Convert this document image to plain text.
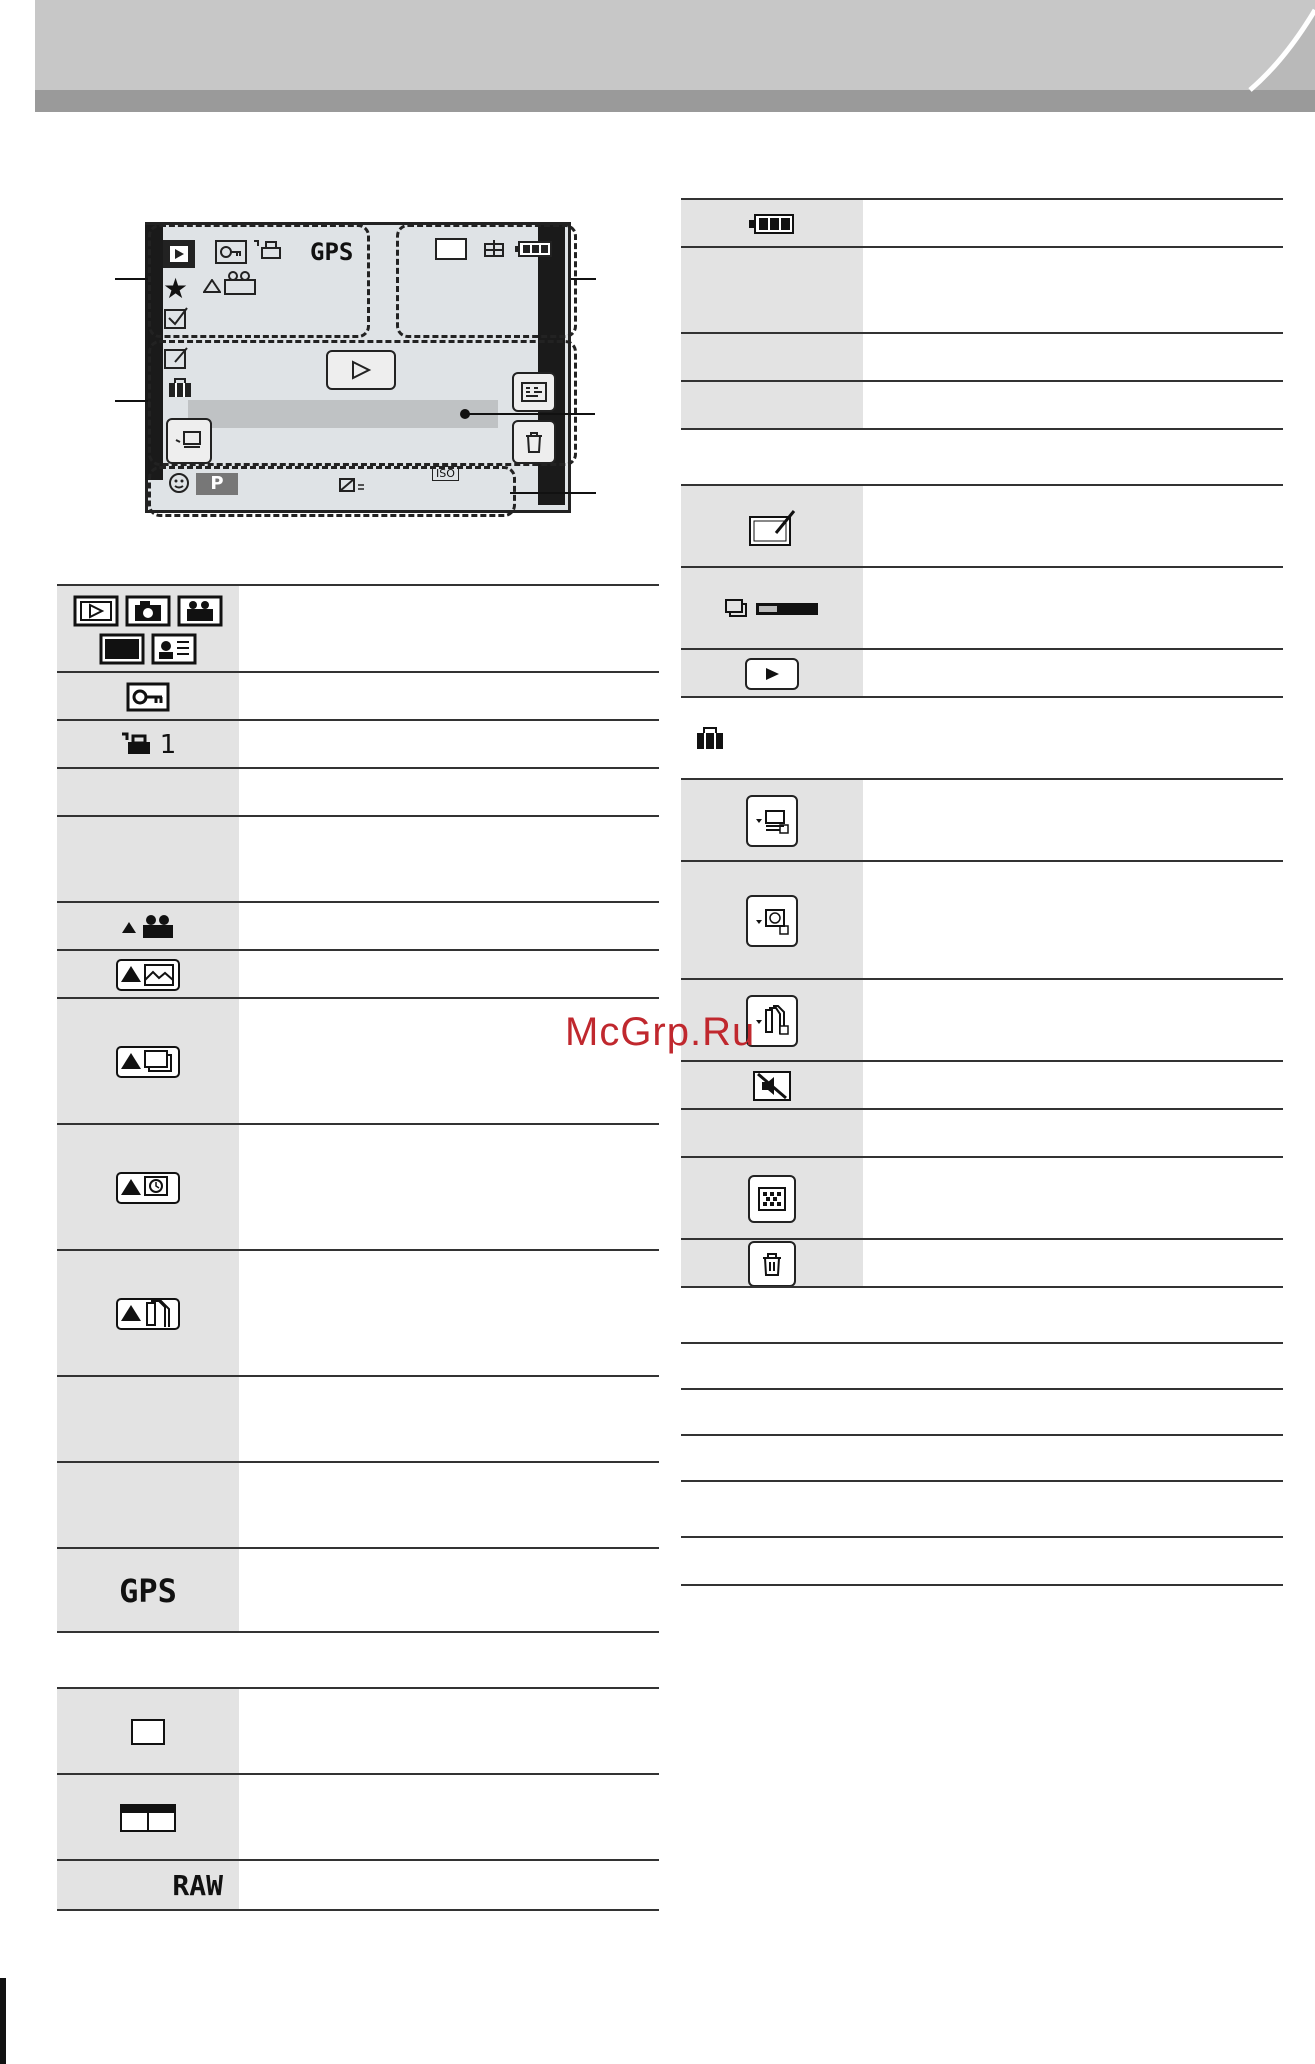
GPS
★
P	ISO
1
GPS
RAW
McGrp.Ru
